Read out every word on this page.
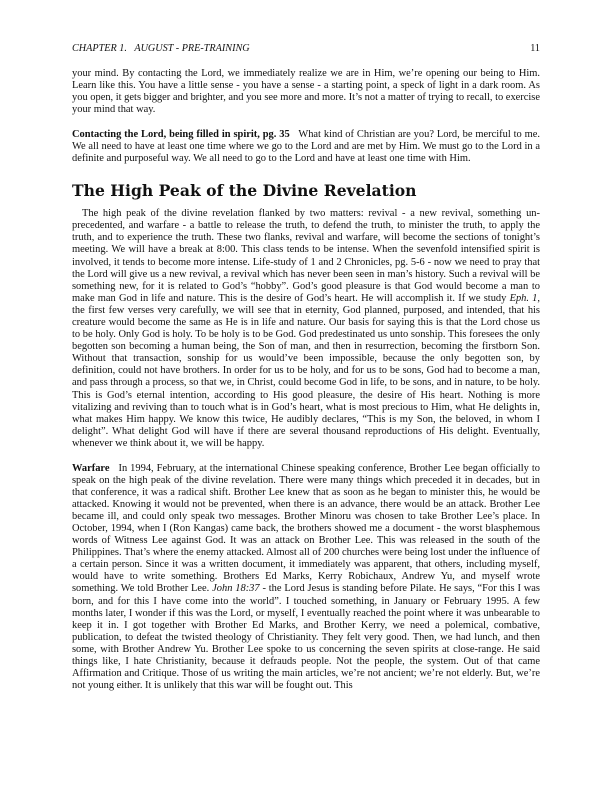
CHAPTER 1.   AUGUST - PRE-TRAINING	11

your mind. By contacting the Lord, we immediately realize we are in Him, we’re opening our being to Him. Learn like this. You have a little sense - you have a sense - a starting point, a speck of light in a dark room. As you open, it gets bigger and brighter, and you see more and more. It’s not a matter of trying to recall, to exercise your mind that way.

Contacting the Lord, being filled in spirit, pg. 35 What kind of Christian are you? Lord, be merciful to me. We all need to have at least one time where we go to the Lord and are met by Him. We must go to the Lord in a definite and purposeful way. We all need to go to the Lord and have at least one time with Him.

The High Peak of the Divine Revelation

The high peak of the divine revelation flanked by two matters: revival - a new revival, something unprecedented, and warfare - a battle to release the truth, to defend the truth, to minister the truth, to apply the truth, and to experience the truth. These two flanks, revival and warfare, will become the sections of tonight’s meeting. We will have a break at 8:00. This class tends to be intense. When the sevenfold intensified spirit is involved, it tends to become more intense. Life-study of 1 and 2 Chronicles, pg. 5-6 - now we need to pray that the Lord will give us a new revival, a revival which has never been seen in man’s history. Such a revival will be something new, for it is related to God’s “hobby”. God’s good pleasure is that God would become a man to make man God in life and nature. This is the desire of God’s heart. He will accomplish it. If we study Eph. 1, the first few verses very carefully, we will see that in eternity, God planned, purposed, and intended, that his creature would become the same as He is in life and nature. Our basis for saying this is that the Lord chose us to be holy. Only God is holy. To be holy is to be God. God predestinated us unto sonship. This foresees the only begotten son becoming a human being, the Son of man, and then in resurrection, becoming the firstborn Son. Without that transaction, sonship for us would’ve been impossible, because the only begotten son, by definition, could not have brothers. In order for us to be holy, and for us to be sons, God had to become a man, and pass through a process, so that we, in Christ, could become God in life, to be sons, and in nature, to be holy. This is God’s eternal intention, according to His good pleasure, the desire of His heart. Nothing is more vitalizing and reviving than to touch what is in God’s heart, what is most precious to Him, what He delights in, what makes Him happy. We know this twice, He audibly declares, “This is my Son, the beloved, in whom I delight”. What delight God will have if there are several thousand reproductions of His delight. Eventually, whenever we think about it, we will be happy.

Warfare In 1994, February, at the international Chinese speaking conference, Brother Lee began officially to speak on the high peak of the divine revelation. There were many things which preceded it in decades, but in that conference, it was a radical shift. Brother Lee knew that as soon as he began to minister this, he would be attacked. Knowing it would not be prevented, when there is an advance, there would be an attack. Brother Lee became ill, and could only speak two messages. Brother Minoru was chosen to take Brother Lee’s place. In October, 1994, when I (Ron Kangas) came back, the brothers showed me a document - the worst blasphemous words of Witness Lee against God. It was an attack on Brother Lee. This was released in the south of the Philippines. That’s where the enemy attacked. Almost all of 200 churches were being lost under the influence of a certain person. Since it was a written document, it immediately was apparent, that others, including myself, would have to write something. Brothers Ed Marks, Kerry Robichaux, Andrew Yu, and myself wrote something. We told Brother Lee. John 18:37 - the Lord Jesus is standing before Pilate. He says, “For this I was born, and for this I have come into the world”. I touched something, in January or February 1995. A few months later, I wonder if this was the Lord, or myself, I eventually reached the point where it was unbearable to keep it in. I got together with Brother Ed Marks, and Brother Kerry, we need a polemical, combative, publication, to defeat the twisted theology of Christianity. They felt very good. Then, we had lunch, and then some, with Brother Andrew Yu. Brother Lee spoke to us concerning the seven spirits at close-range. He said things like, I hate Christianity, because it defrauds people. Not the people, the system. Out of that came Affirmation and Critique. Those of us writing the main articles, we’re not ancient; we’re not elderly. But, we’re not young either. It is unlikely that this war will be fought out. This
